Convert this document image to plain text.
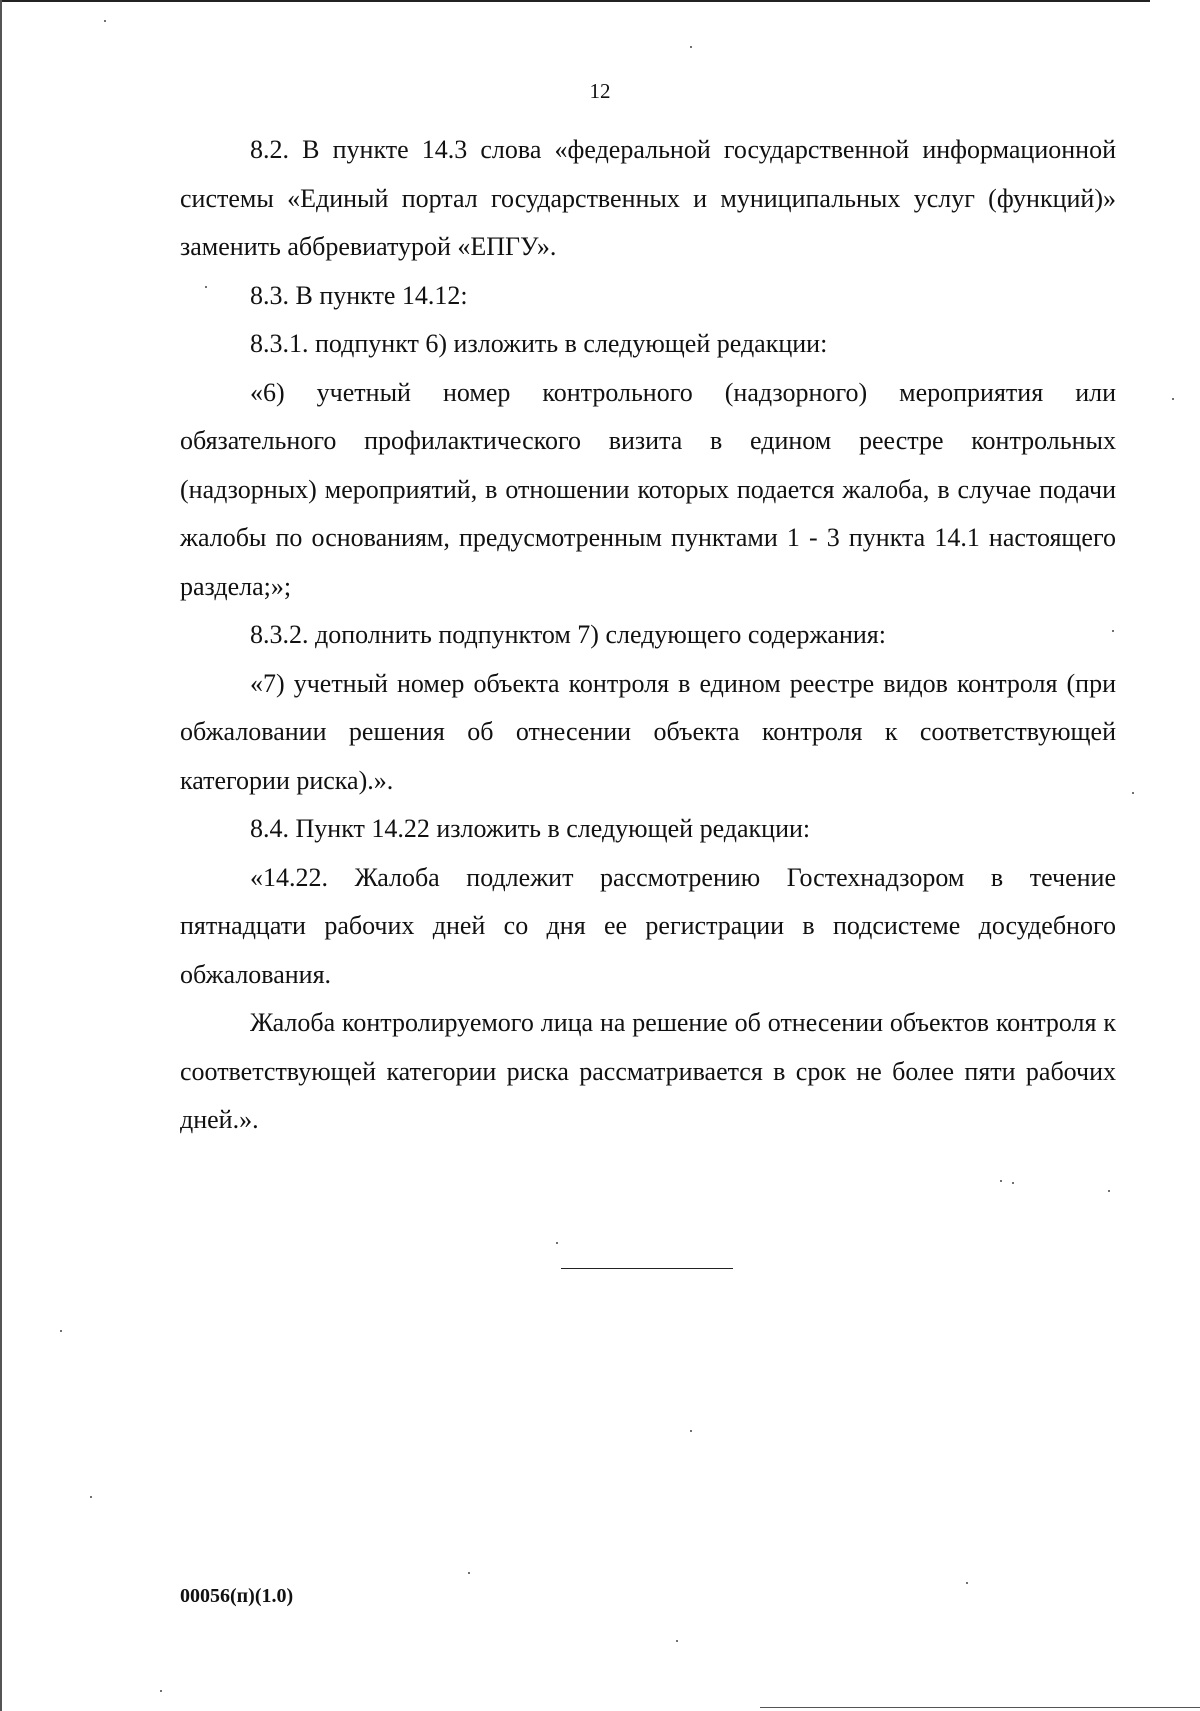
12

8.2. В пункте 14.3 слова «федеральной государственной информационной системы «Единый портал государственных и муниципальных услуг (функций)» заменить аббревиатурой «ЕПГУ».

8.3. В пункте 14.12:

8.3.1. подпункт 6) изложить в следующей редакции:

«6) учетный номер контрольного (надзорного) мероприятия или обязательного профилактического визита в едином реестре контрольных (надзорных) мероприятий, в отношении которых подается жалоба, в случае подачи жалобы по основаниям, предусмотренным пунктами 1 - 3 пункта 14.1 настоящего раздела;»;

8.3.2. дополнить подпунктом 7) следующего содержания:

«7) учетный номер объекта контроля в едином реестре видов контроля (при обжаловании решения об отнесении объекта контроля к соответствующей категории риска).».

8.4. Пункт 14.22 изложить в следующей редакции:

«14.22. Жалоба подлежит рассмотрению Гостехнадзором в течение пятнадцати рабочих дней со дня ее регистрации в подсистеме досудебного обжалования.

Жалоба контролируемого лица на решение об отнесении объектов контроля к соответствующей категории риска рассматривается в срок не более пяти рабочих дней.».

00056(п)(1.0)
